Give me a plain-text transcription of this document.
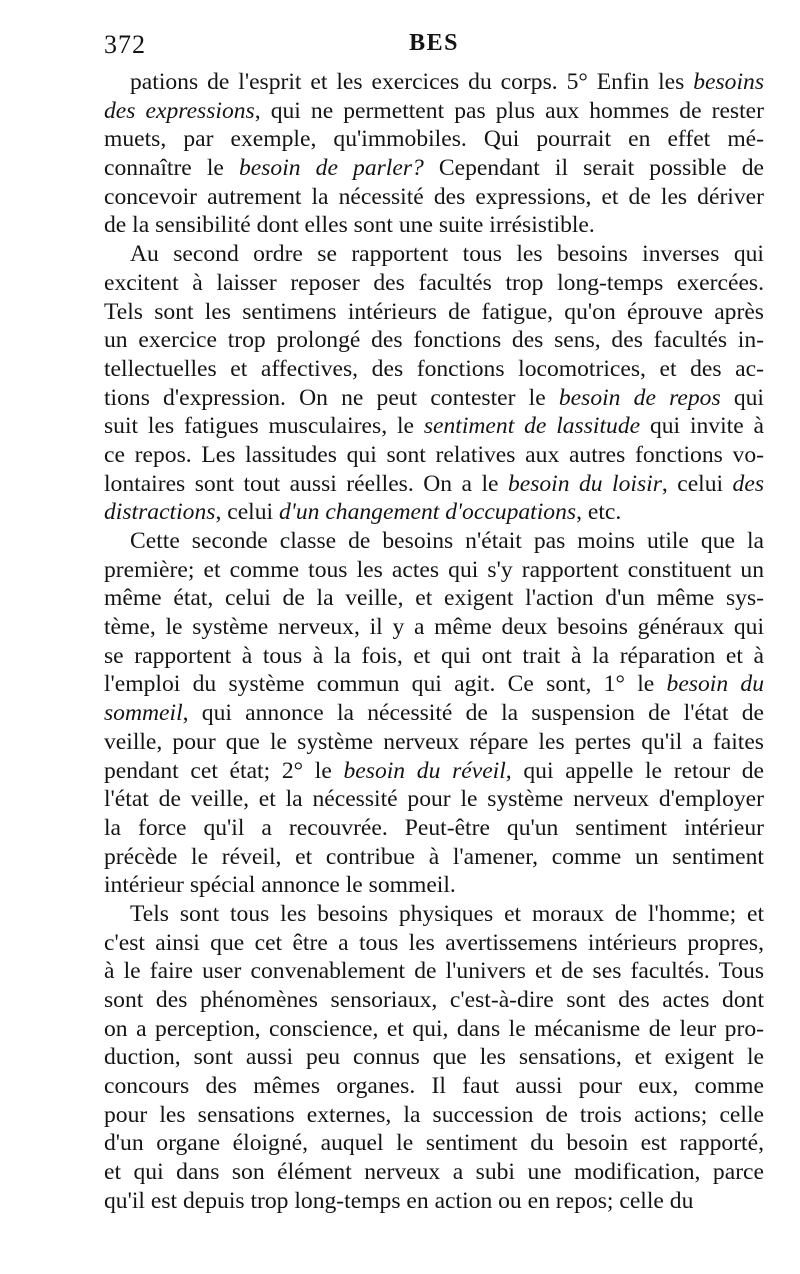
372	BES
pations de l'esprit et les exercices du corps. 5° Enfin les besoins
des expressions, qui ne permettent pas plus aux hommes de rester
muets, par exemple, qu'immobiles. Qui pourrait en effet mé-
connaître le besoin de parler? Cependant il serait possible de
concevoir autrement la nécessité des expressions, et de les dériver
de la sensibilité dont elles sont une suite irrésistible.
Au second ordre se rapportent tous les besoins inverses qui
excitent à laisser reposer des facultés trop long-temps exercées.
Tels sont les sentimens intérieurs de fatigue, qu'on éprouve après
un exercice trop prolongé des fonctions des sens, des facultés in-
tellectuelles et affectives, des fonctions locomotrices, et des ac-
tions d'expression. On ne peut contester le besoin de repos qui
suit les fatigues musculaires, le sentiment de lassitude qui invite à
ce repos. Les lassitudes qui sont relatives aux autres fonctions vo-
lontaires sont tout aussi réelles. On a le besoin du loisir, celui des
distractions, celui d'un changement d'occupations, etc.
Cette seconde classe de besoins n'était pas moins utile que la
première; et comme tous les actes qui s'y rapportent constituent un
même état, celui de la veille, et exigent l'action d'un même sys-
tème, le système nerveux, il y a même deux besoins généraux qui
se rapportent à tous à la fois, et qui ont trait à la réparation et à
l'emploi du système commun qui agit. Ce sont, 1° le besoin du
sommeil, qui annonce la nécessité de la suspension de l'état de
veille, pour que le système nerveux répare les pertes qu'il a faites
pendant cet état; 2° le besoin du réveil, qui appelle le retour de
l'état de veille, et la nécessité pour le système nerveux d'employer
la force qu'il a recouvrée. Peut-être qu'un sentiment intérieur
précède le réveil, et contribue à l'amener, comme un sentiment
intérieur spécial annonce le sommeil.
Tels sont tous les besoins physiques et moraux de l'homme; et
c'est ainsi que cet être a tous les avertissemens intérieurs propres,
à le faire user convenablement de l'univers et de ses facultés. Tous
sont des phénomènes sensoriaux, c'est-à-dire sont des actes dont
on a perception, conscience, et qui, dans le mécanisme de leur pro-
duction, sont aussi peu connus que les sensations, et exigent le
concours des mêmes organes. Il faut aussi pour eux, comme
pour les sensations externes, la succession de trois actions; celle
d'un organe éloigné, auquel le sentiment du besoin est rapporté,
et qui dans son élément nerveux a subi une modification, parce
qu'il est depuis trop long-temps en action ou en repos; celle du
